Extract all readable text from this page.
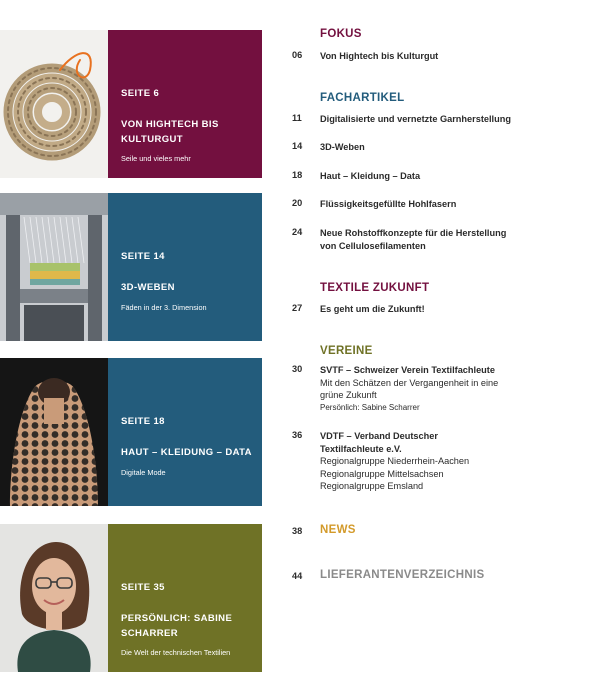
SEITE 6
VON HIGHTECH BIS KULTURGUT
Seile und vieles mehr
SEITE 14
3D-WEBEN
Fäden in der 3. Dimension
SEITE 18
HAUT – KLEIDUNG – DATA
Digitale Mode
SEITE 35
PERSÖNLICH: SABINE SCHARRER
Die Welt der technischen Textilien
FOKUS
06	Von Hightech bis Kulturgut
FACHARTIKEL
11	Digitalisierte und vernetzte Garnherstellung
14	3D-Weben
18	Haut – Kleidung – Data
20	Flüssigkeitsgefüllte Hohlfasern
24	Neue Rohstoffkonzepte für die Herstellung
von Cellulosefilamenten
TEXTILE ZUKUNFT
27	Es geht um die Zukunft!
VEREINE
30	SVTF – Schweizer Verein Textilfachleute
Mit den Schätzen der Vergangenheit in eine
grüne Zukunft
Persönlich: Sabine Scharrer
36	VDTF – Verband Deutscher
Textilfachleute e.V.
Regionalgruppe Niederrhein-Aachen
Regionalgruppe Mittelsachsen
Regionalgruppe Emsland
38	NEWS
44	LIEFERANTENVERZEICHNIS
